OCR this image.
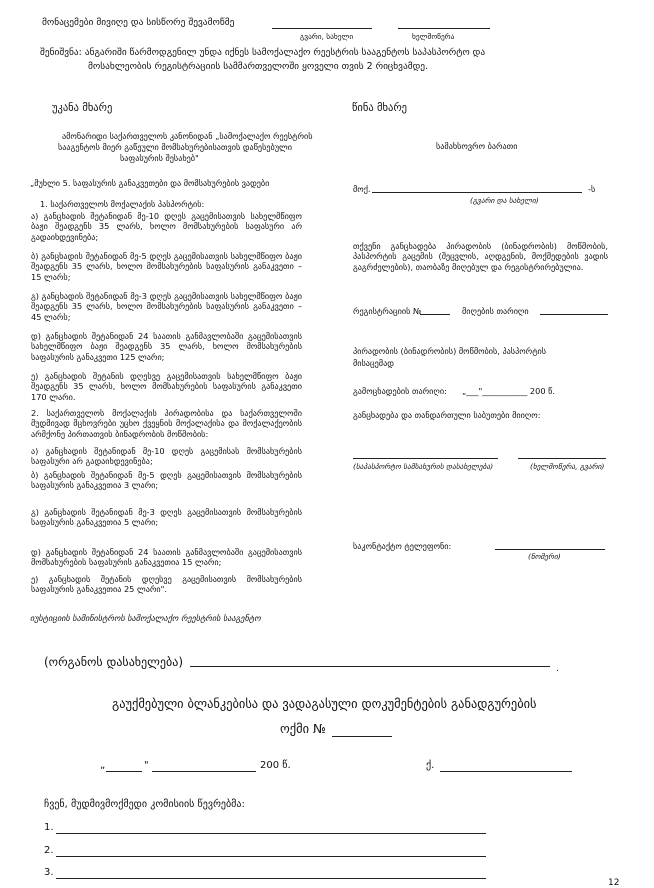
მონაცემები მივიღე და სისწორე შევამოწმე
გვარი, სახელი	ხელმოწერა
შენიშვნა: ანგარიში წარმოდგენილ უნდა იქნეს სამოქალაქო რეესტრის სააგენტოს საპასპორტო და
მოსახლეობის რეგისტრაციის სამმართველოში ყოველი თვის 2 რიცხვამდე.
უკანა მხარე
ამონარიდი საქართველოს კანონიდან „სამოქალაქო რეესტრის
სააგენტოს მიერ გაწეული მომსახურებისათვის დაწესებული
საფასურის შესახებ"
„მუხლი 5. საფასურის განაკვეთები და მომსახურების ვადები
1. საქართველოს მოქალაქის პასპორტის:
ა) განცხადის შეტანიდან მე-10 დღეს გაცემისათვის სახელმწიფო ბაჟი შეადგენს 35 ლარს, ხოლო მომსახურების საფასური არ გადაიხდევინება;
ბ) განცხადის შეტანიდან მე-5 დღეს გაცემისათვის სახელმწიფო ბაჟი შეადგენს 35 ლარს, ხოლო მომსახურების საფასურის განაკვეთი – 15 ლარს;
გ) განცხადის შეტანიდან მე-3 დღეს გაცემისათვის სახელმწიფო ბაჟი შეადგენს 35 ლარს, ხოლო მომსახურების საფასურის განაკვეთი – 45 ლარს;
დ) განცხადის შეტანიდან 24 საათის განმავლობაში გაცემისათვის სახელმწიფო ბაჟი შეადგენს 35 ლარს, ხოლო მომსახურების საფასურის განაკვეთი 125 ლარი;
ე) განცხადის შეტანის დღესვე გაცემისათვის სახელმწიფო ბაჟი შეადგენს 35 ლარს, ხოლო მომსახურების საფასურის განაკვეთი 170 ლარი.
2. საქართველოს მოქალაქის პირადობისა და საქართველოში მუდმივად მცხოვრები უცხო ქვეყნის მოქალაქისა და მოქალაქეობის არმქონე პირთათვის ბინადრობის მოწმობის:
ა) განცხადის შეტანიდან მე-10 დღეს გაცემისას მომსახურების საფასური არ გადაიხდევინება;
ბ) განცხადის შეტანიდან მე-5 დღეს გაცემისათვის მომსახურების საფასურის განაკვეთია 3 ლარი;
გ) განცხადის შეტანიდან მე-3 დღეს გაცემისათვის მომსახურების საფასურის განაკვეთია 5 ლარი;
დ) განცხადის შეტანიდან 24 საათის განმავლობაში გაცემისათვის მომსახურების საფასურის განაკვეთია 15 ლარი;
ე) განცხადის შეტანის დღესვე გაცემისათვის მომსახურების საფასურის განაკვეთია 25 ლარი".
იუსტიციის სამინისტროს სამოქალაქო რეესტრის სააგენტო
წინა მხარე
სამახსოვრო ბარათი
მოქ.	-ს
(გვარი და სახელი)
თქვენი განცხადება პირადობის (ბინადრობის) მოწმობის, პასპორტის გაცემის (შეცვლის, აღდგენის, მოქმედების ვადის გაგრძელების), თაობაზე მიღებულ და რეგისტრირებულია.
რეგისტრაციის №	მიღების თარიღი
პირადობის (ბინადრობის) მოწმობის, პასპორტის
მისაცემად
გამოცხადების თარიღი: „___"___________ 200 წ.
განცხადება და თანდართული საბუთები მიიღო:
(საპასპორტო სამსახურის დასახელება)	(ხელმოწერა, გვარი)
საკონტაქტო ტელეფონი:
(ნომერი)
(ორგანოს დასახელება)	.
გაუქმებული ბლანკებისა და ვადაგასული დოკუმენტების განადგურების
ოქმი №
„	"	200 წ.	ქ.
ჩვენ, მუდმივმოქმედი კომისიის წევრებმა:
1.
2.
3.
12
